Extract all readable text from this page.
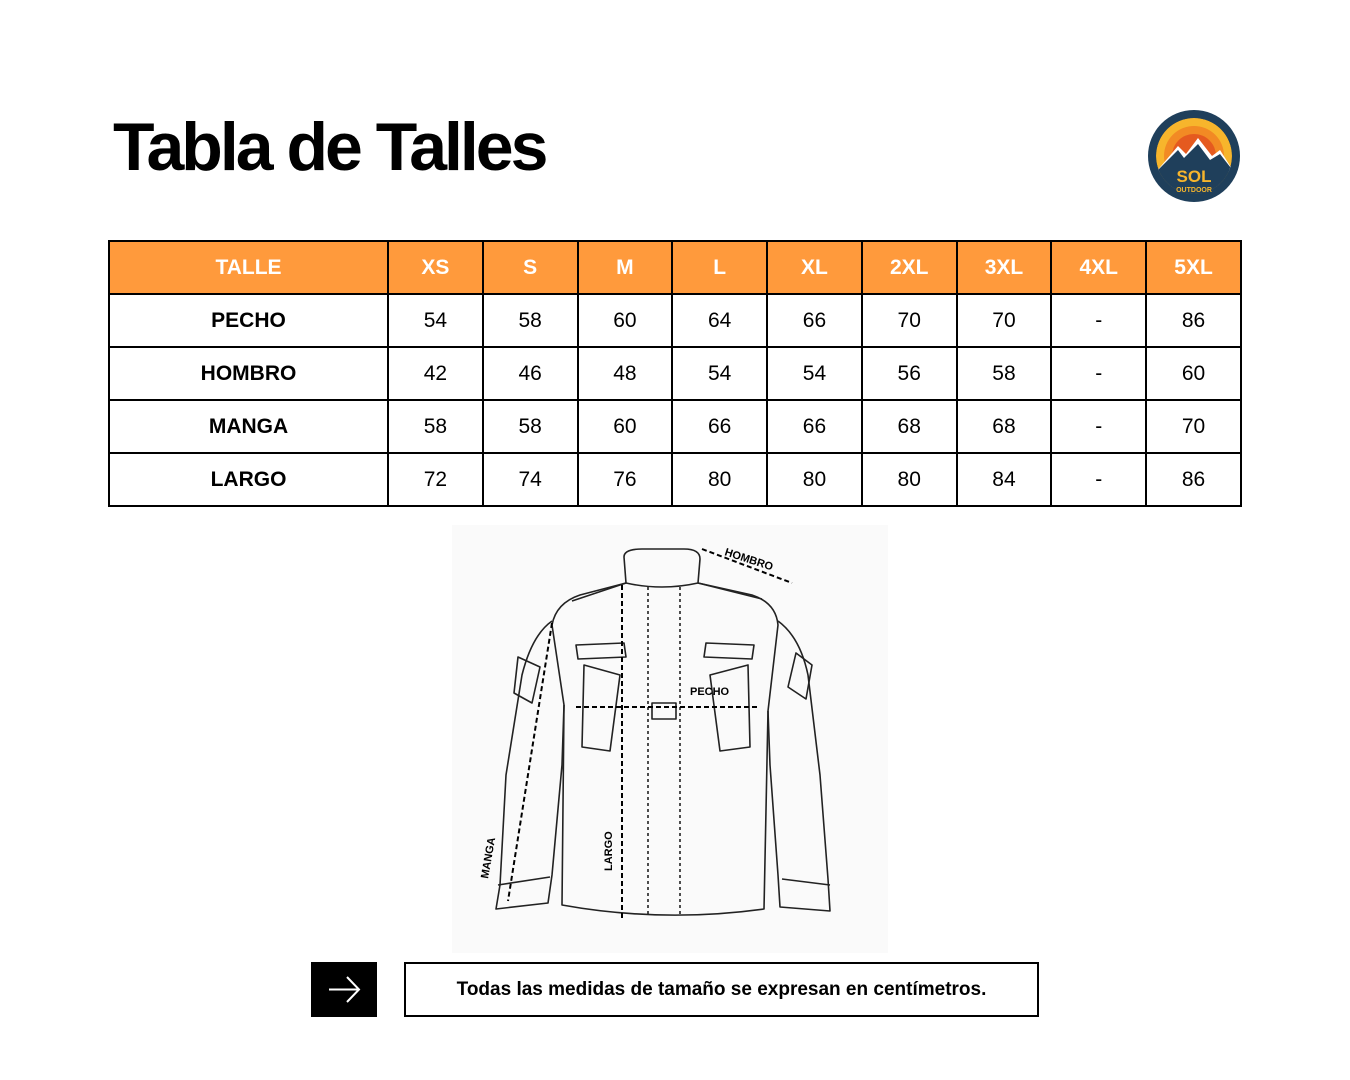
Tabla de Talles	SOL
OUTDOOR
TALLE	XS	S	M	L	XL	2XL	3XL	4XL	5XL
PECHO	54	58	60	64	66	70	70	-	86
HOMBRO	42	46	48	54	54	56	58	-	60
MANGA	58	58	60	66	66	68	68	-	70
LARGO	72	74	76	80	80	80	84	-	86
HOMBRO
PECHO
MANGA	LARGO
Todas las medidas de tamaño se expresan en centímetros.
